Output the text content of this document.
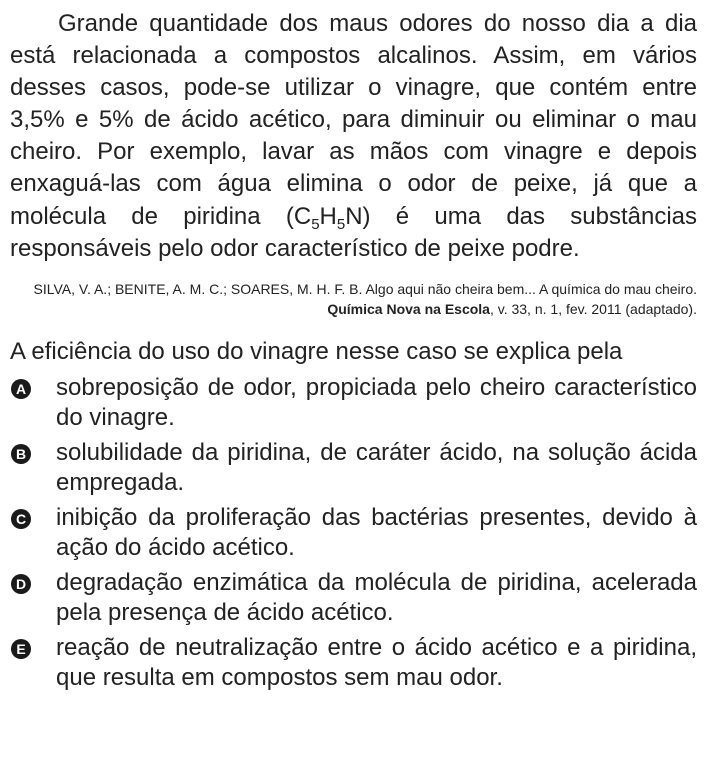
Grande quantidade dos maus odores do nosso dia a dia está relacionada a compostos alcalinos. Assim, em vários desses casos, pode-se utilizar o vinagre, que contém entre 3,5% e 5% de ácido acético, para diminuir ou eliminar o mau cheiro. Por exemplo, lavar as mãos com vinagre e depois enxaguá-las com água elimina o odor de peixe, já que a molécula de piridina $(C_5H_5N)$ é uma das substâncias responsáveis pelo odor característico de peixe podre.

SILVA, V. A.; BENITE, A. M. C.; SOARES, M. H. F. B. Algo aqui não cheira bem... A química do mau cheiro. Química Nova na Escola, v. 33, n. 1, fev. 2011 (adaptado).

A eficiência do uso do vinagre nesse caso se explica pela

A sobreposição de odor, propiciada pelo cheiro característico do vinagre.
B solubilidade da piridina, de caráter ácido, na solução ácida empregada.
C inibição da proliferação das bactérias presentes, devido à ação do ácido acético.
D degradação enzimática da molécula de piridina, acelerada pela presença de ácido acético.
E reação de neutralização entre o ácido acético e a piridina, que resulta em compostos sem mau odor.
